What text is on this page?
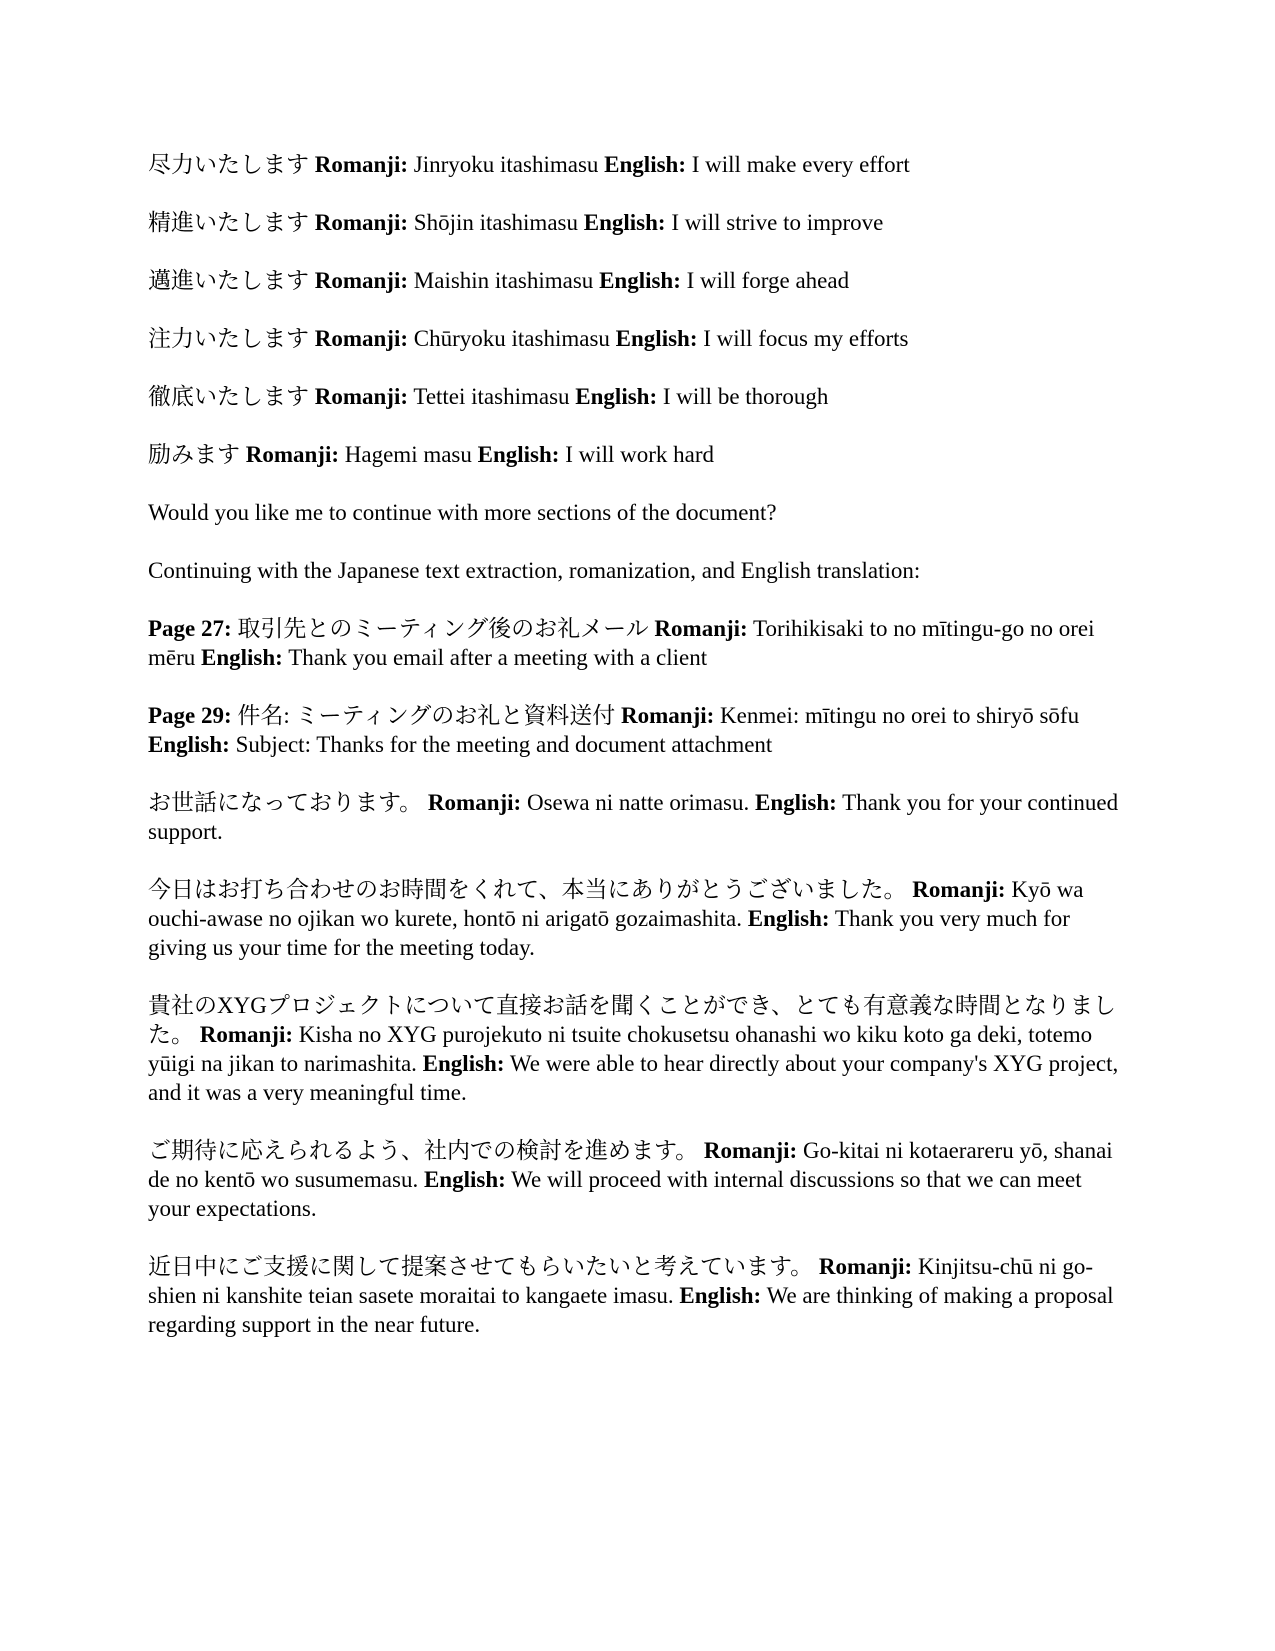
尽力いたします Romanji: Jinryoku itashimasu English: I will make every effort

精進いたします Romanji: Shōjin itashimasu English: I will strive to improve

邁進いたします Romanji: Maishin itashimasu English: I will forge ahead

注力いたします Romanji: Chūryoku itashimasu English: I will focus my efforts

徹底いたします Romanji: Tettei itashimasu English: I will be thorough

励みます Romanji: Hagemi masu English: I will work hard

Would you like me to continue with more sections of the document?

Continuing with the Japanese text extraction, romanization, and English translation:

Page 27: 取引先とのミーティング後のお礼メール Romanji: Torihikisaki to no mītingu-go no orei mēru English: Thank you email after a meeting with a client

Page 29: 件名: ミーティングのお礼と資料送付 Romanji: Kenmei: mītingu no orei to shiryō sōfu English: Subject: Thanks for the meeting and document attachment

お世話になっております。 Romanji: Osewa ni natte orimasu. English: Thank you for your continued support.

今日はお打ち合わせのお時間をくれて、本当にありがとうございました。 Romanji: Kyō wa ouchi-awase no ojikan wo kurete, hontō ni arigatō gozaimashita. English: Thank you very much for giving us your time for the meeting today.

貴社のXYGプロジェクトについて直接お話を聞くことができ、とても有意義な時間となりました。 Romanji: Kisha no XYG purojekuto ni tsuite chokusetsu ohanashi wo kiku koto ga deki, totemo yūigi na jikan to narimashita. English: We were able to hear directly about your company's XYG project, and it was a very meaningful time.

ご期待に応えられるよう、社内での検討を進めます。 Romanji: Go-kitai ni kotaerareru yō, shanai de no kentō wo susumemasu. English: We will proceed with internal discussions so that we can meet your expectations.

近日中にご支援に関して提案させてもらいたいと考えています。 Romanji: Kinjitsu-chū ni go-shien ni kanshite teian sasete moraitai to kangaete imasu. English: We are thinking of making a proposal regarding support in the near future.
